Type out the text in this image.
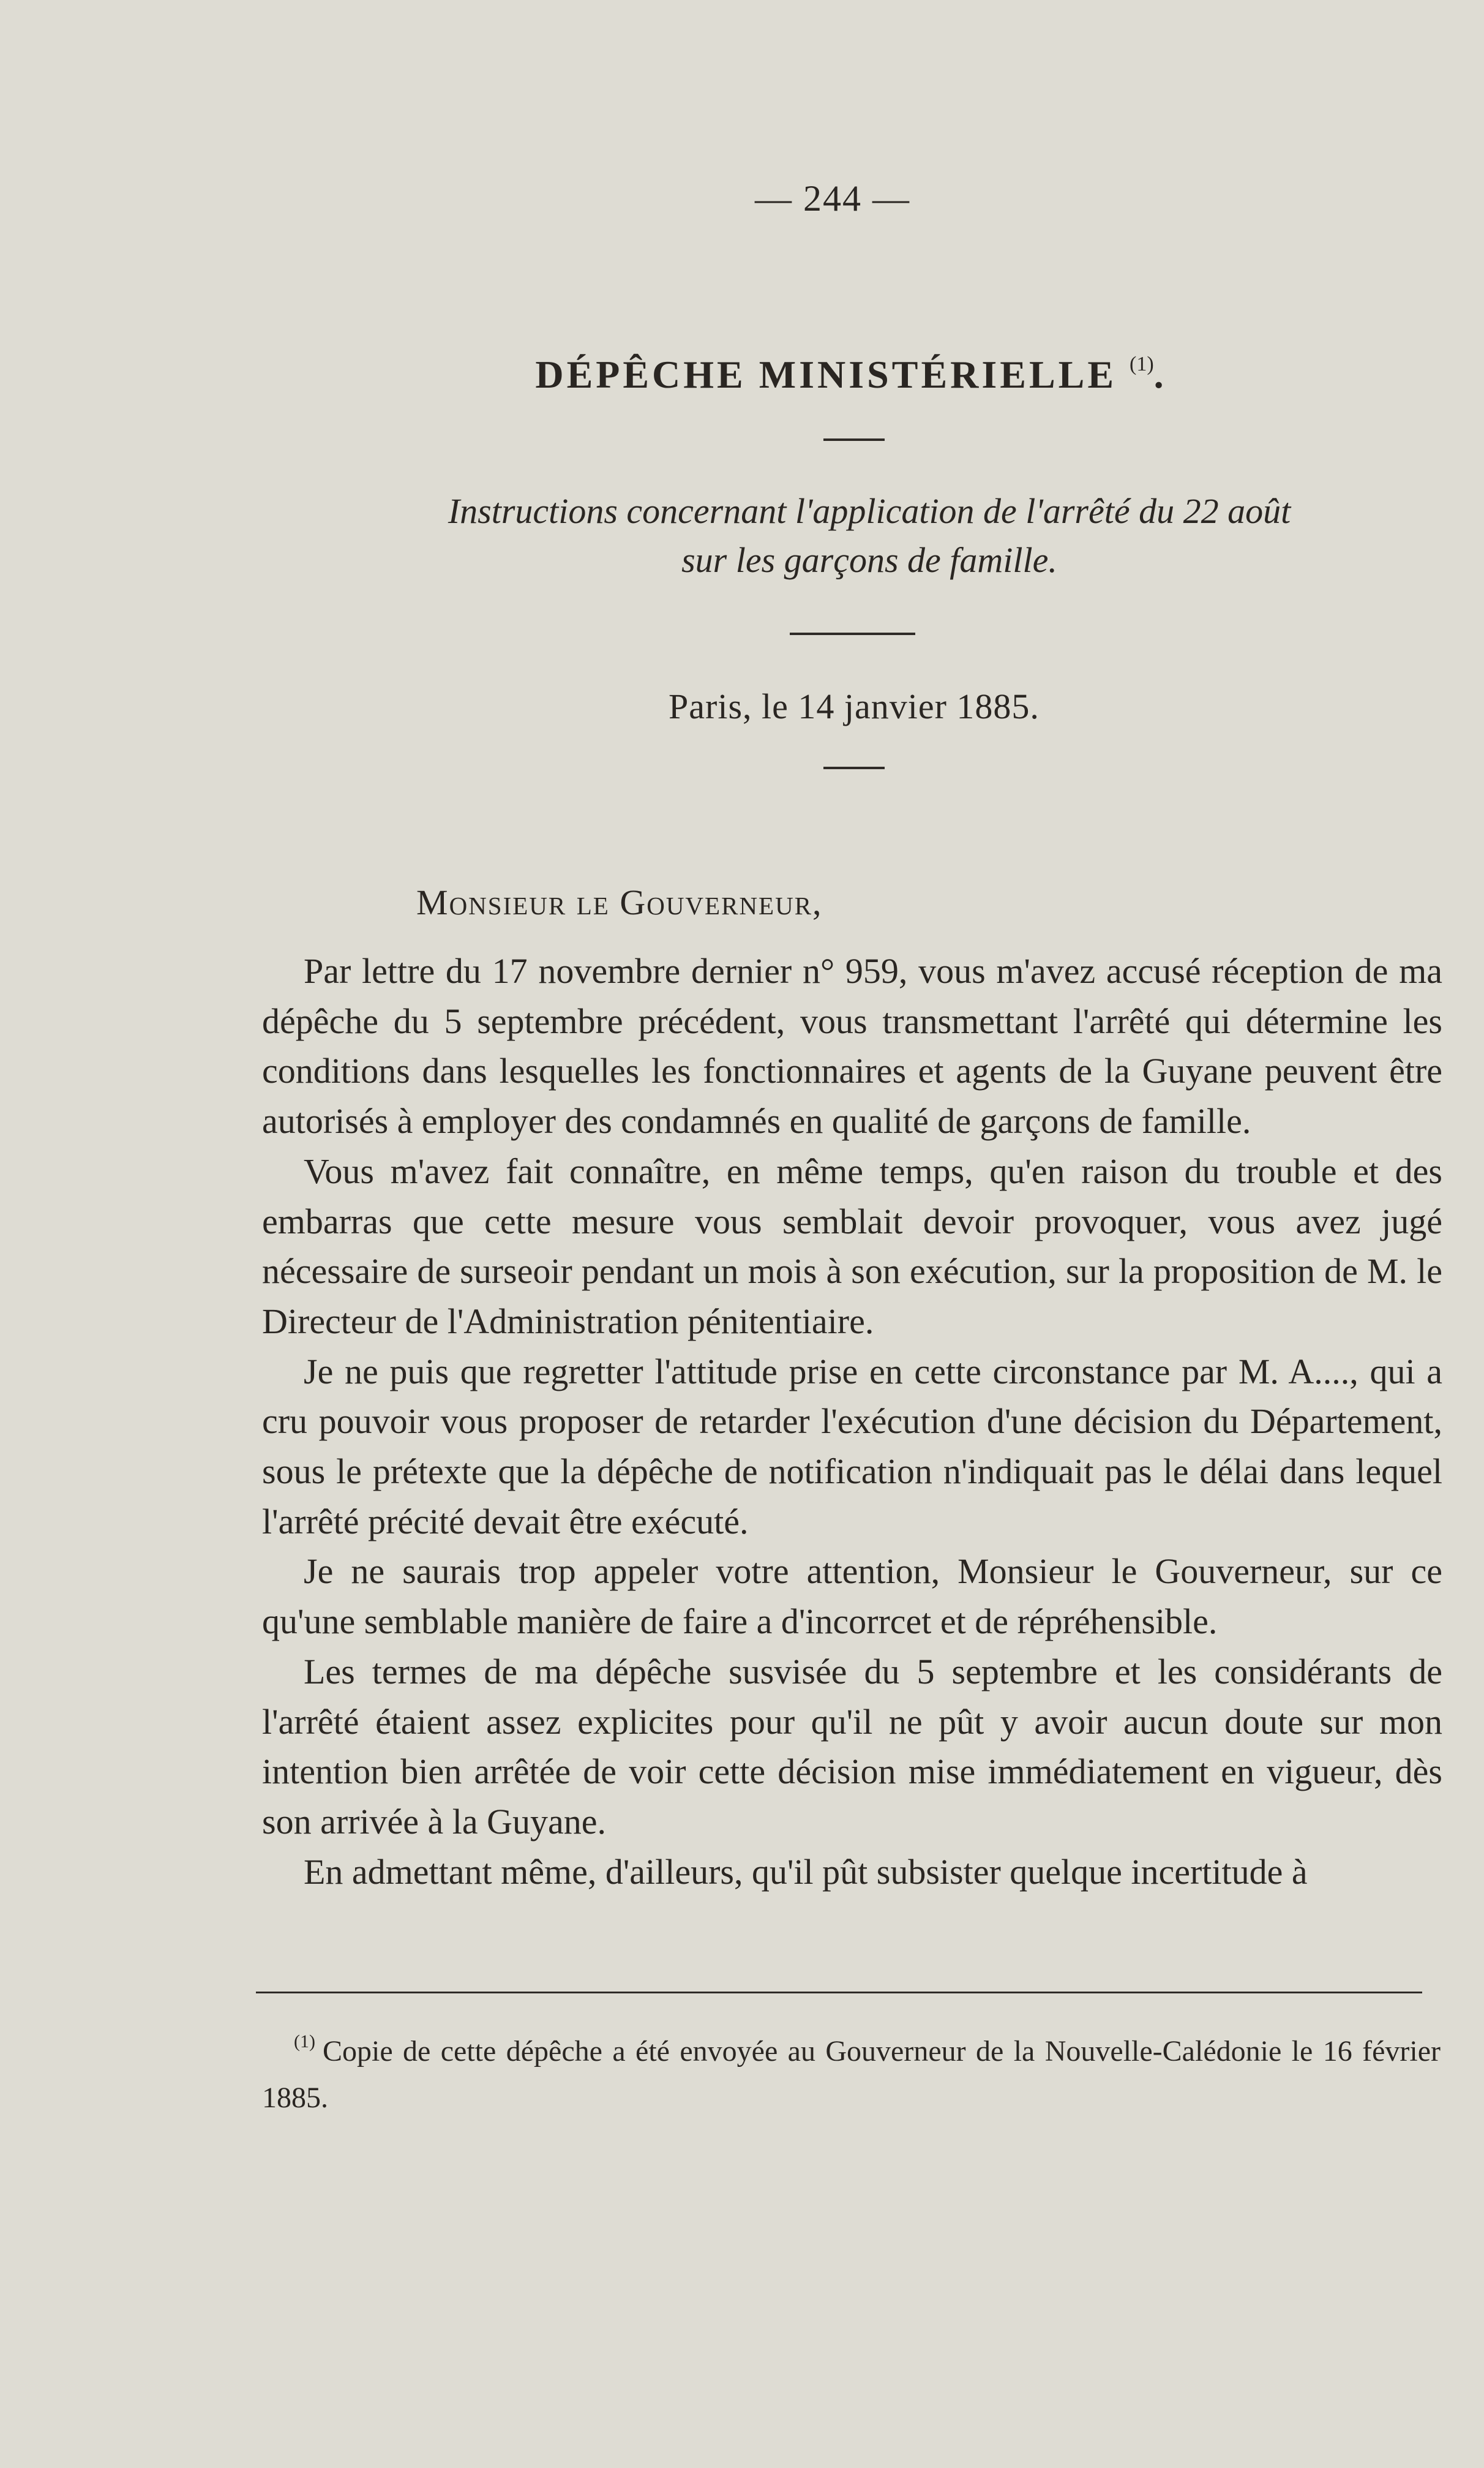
— 244 —
DÉPÊCHE MINISTÉRIELLE $^{(1)}$.
Instructions concernant l'application de l'arrêté du 22 août
sur les garçons de famille.
Paris, le 14 janvier 1885.
Monsieur le Gouverneur,

Par lettre du 17 novembre dernier n° 959, vous m'avez accusé réception de ma dépêche du 5 septembre précédent, vous transmettant l'arrêté qui détermine les conditions dans lesquelles les fonctionnaires et agents de la Guyane peuvent être autorisés à employer des condamnés en qualité de garçons de famille.

Vous m'avez fait connaître, en même temps, qu'en raison du trouble et des embarras que cette mesure vous semblait devoir provoquer, vous avez jugé nécessaire de surseoir pendant un mois à son exécution, sur la proposition de M. le Directeur de l'Administration pénitentiaire.

Je ne puis que regretter l'attitude prise en cette circonstance par M. A...., qui a cru pouvoir vous proposer de retarder l'exécution d'une décision du Département, sous le prétexte que la dépêche de notification n'indiquait pas le délai dans lequel l'arrêté précité devait être exécuté.

Je ne saurais trop appeler votre attention, Monsieur le Gouverneur, sur ce qu'une semblable manière de faire a d'incorrcet et de répréhensible.

Les termes de ma dépêche susvisée du 5 septembre et les considérants de l'arrêté étaient assez explicites pour qu'il ne pût y avoir aucun doute sur mon intention bien arrêtée de voir cette décision mise immédiatement en vigueur, dès son arrivée à la Guyane.

En admettant même, d'ailleurs, qu'il pût subsister quelque incertitude à

$^{(1)}$ Copie de cette dépêche a été envoyée au Gouverneur de la Nouvelle-Calédonie le 16 février 1885.
